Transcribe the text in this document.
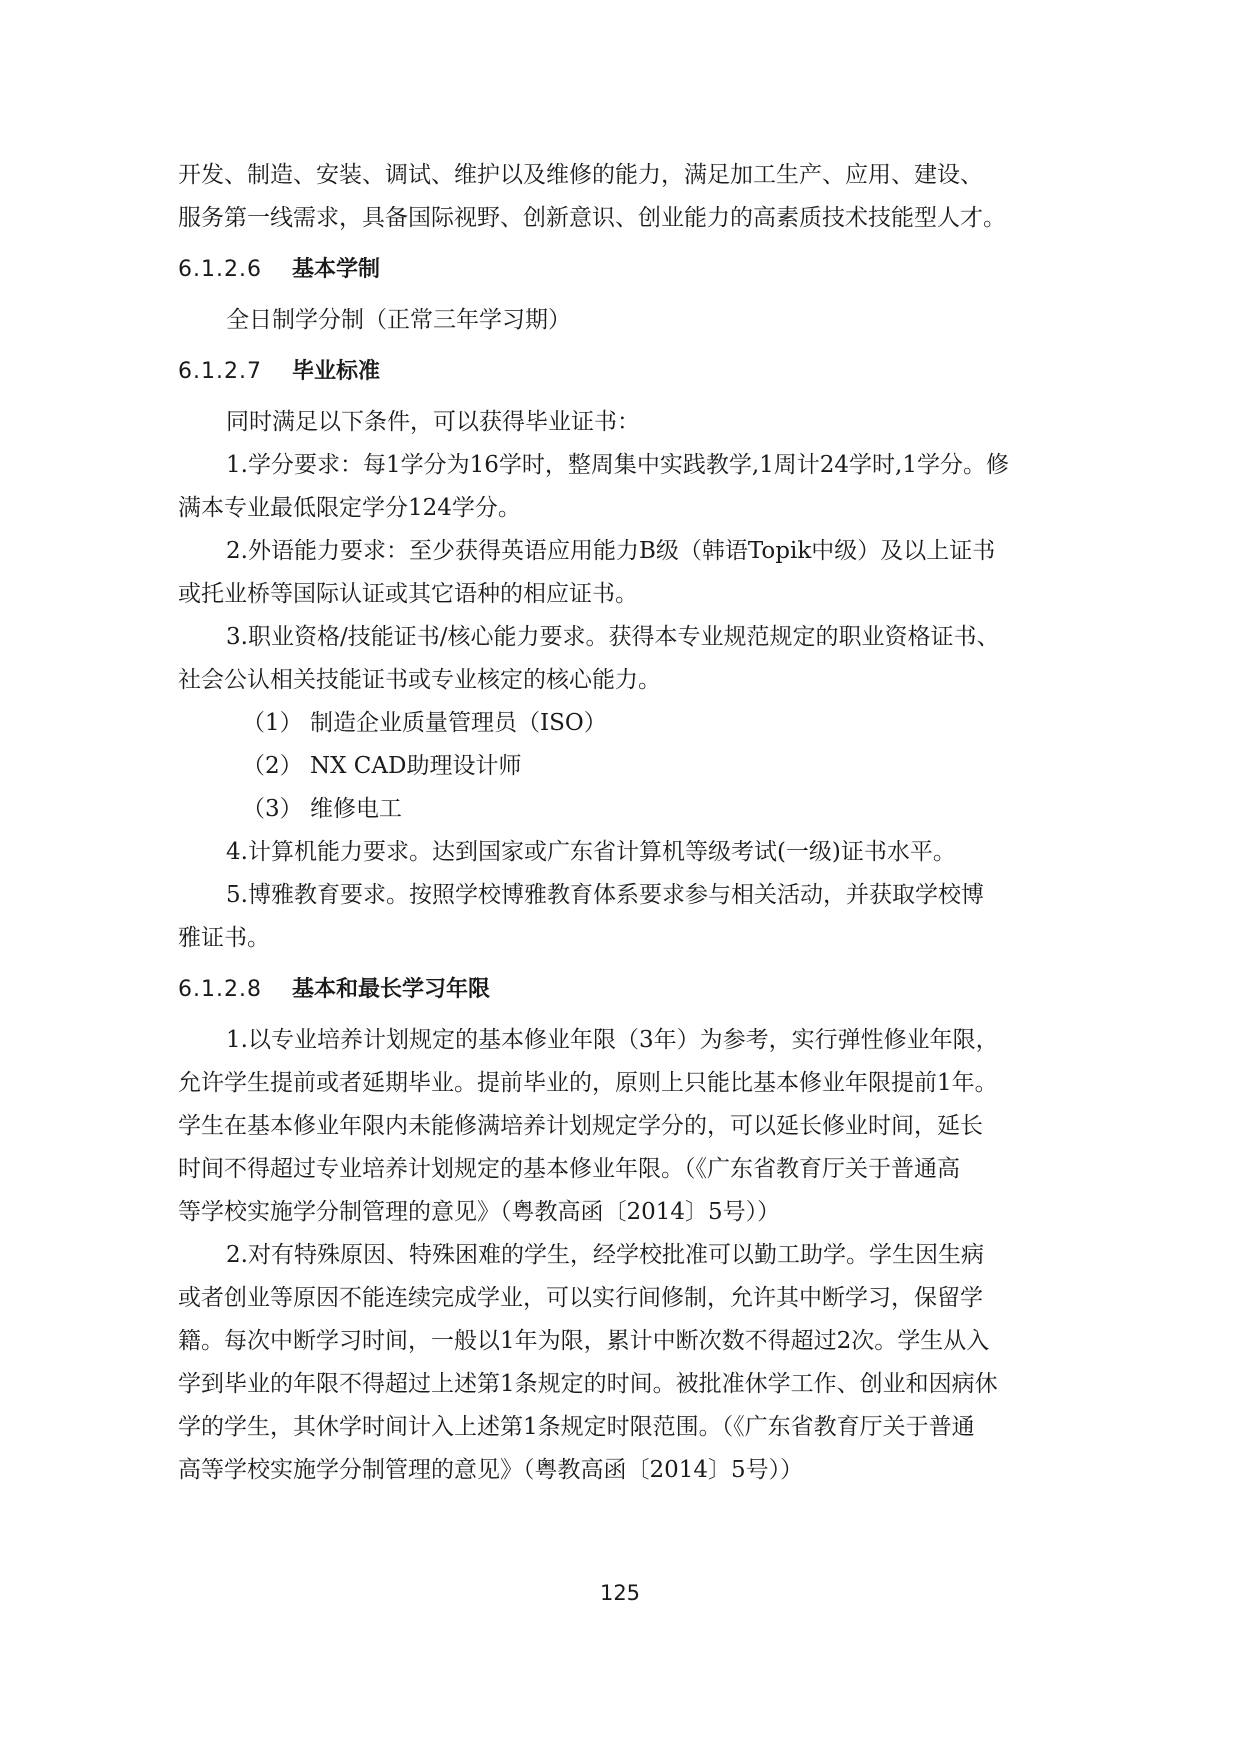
开发、制造、安装、调试、维护以及维修的能力，满足加工生产、应用、建设、

服务第一线需求，具备国际视野、创新意识、创业能力的高素质技术技能型人才。

6.1.2.6 基本学制

全日制学分制（正常三年学习期）

6.1.2.7 毕业标准

同时满足以下条件，可以获得毕业证书：

1.学分要求：每1学分为16学时，整周集中实践教学,1周计24学时,1学分。修

满本专业最低限定学分124学分。

2.外语能力要求：至少获得英语应用能力B级（韩语Topik中级）及以上证书

或托业桥等国际认证或其它语种的相应证书。

3.职业资格/技能证书/核心能力要求。获得本专业规范规定的职业资格证书、

社会公认相关技能证书或专业核定的核心能力。

（1） 制造企业质量管理员（ISO）

（2） NX CAD助理设计师

（3） 维修电工

4.计算机能力要求。达到国家或广东省计算机等级考试(一级)证书水平。

5.博雅教育要求。按照学校博雅教育体系要求参与相关活动，并获取学校博

雅证书。

6.1.2.8 基本和最长学习年限

1.以专业培养计划规定的基本修业年限（3年）为参考，实行弹性修业年限，

允许学生提前或者延期毕业。提前毕业的，原则上只能比基本修业年限提前1年。

学生在基本修业年限内未能修满培养计划规定学分的，可以延长修业时间，延长

时间不得超过专业培养计划规定的基本修业年限。（《广东省教育厅关于普通高

等学校实施学分制管理的意见》（粤教高函〔2014〕5号））

2.对有特殊原因、特殊困难的学生，经学校批准可以勤工助学。学生因生病

或者创业等原因不能连续完成学业，可以实行间修制，允许其中断学习，保留学

籍。每次中断学习时间，一般以1年为限，累计中断次数不得超过2次。学生从入

学到毕业的年限不得超过上述第1条规定的时间。被批准休学工作、创业和因病休

学的学生，其休学时间计入上述第1条规定时限范围。（《广东省教育厅关于普通

高等学校实施学分制管理的意见》（粤教高函〔2014〕5号））

125
